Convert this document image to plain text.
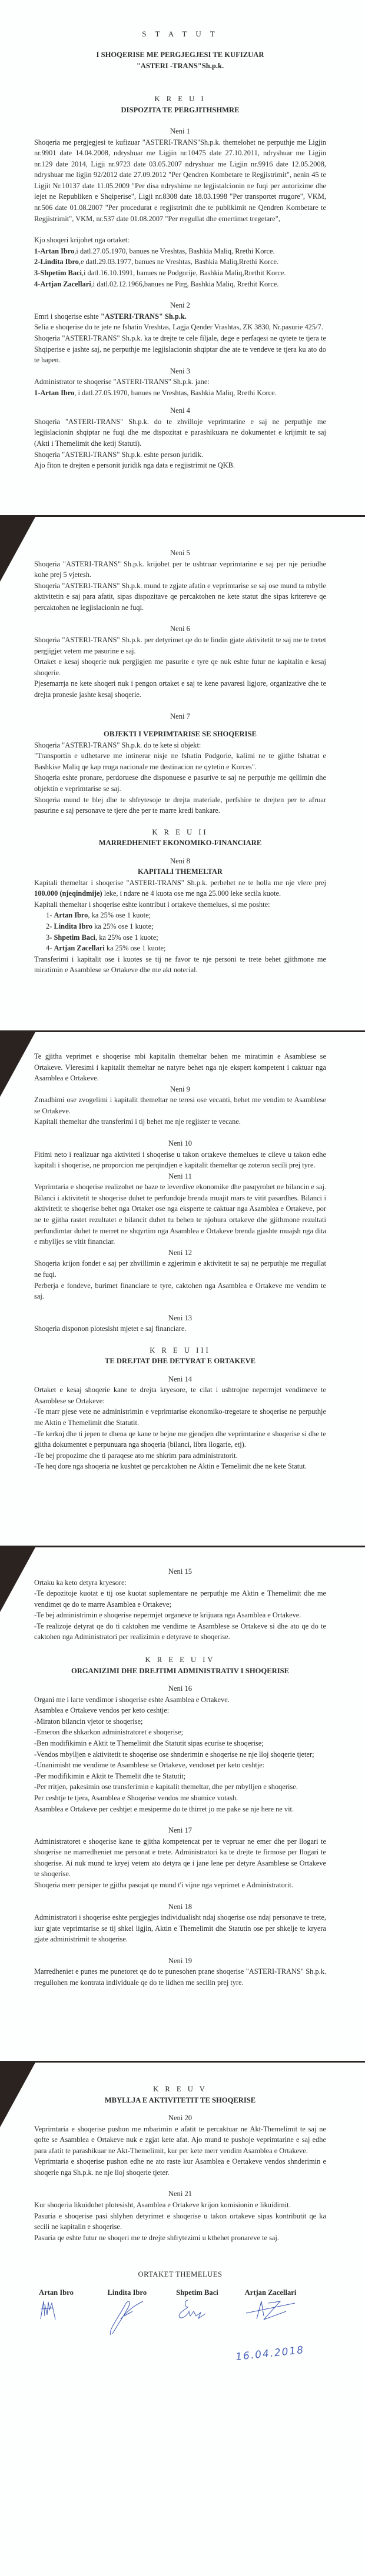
S T A T U T
I SHOQERISE ME PERGJEGJESI TE KUFIZUAR
"ASTERI -TRANS"Sh.p.k.
K R E U I
DISPOZITA TE PERGJITHSHMRE
Neni 1

Shoqeria me pergjegjesi te kufizuar "ASTERI-TRANS"Sh.p.k. themelohet ne perputhje me Ligjin nr.9901 date 14.04.2008, ndryshuar me Ligjin nr.10475 date 27.10.2011, ndryshuar me Ligjin nr.129 date 2014, Ligji nr.9723 date 03.05.2007 ndryshuar me Ligjin nr.9916 date 12.05.2008, ndryshuar me ligjin 92/2012 date 27.09.2012 "Per Qendren Kombetare te Regjistrimit", nenin 45 te Ligjit Nr.10137 date 11.05.2009 "Per disa ndryshime ne legjistalcionin ne fuqi per autorizime dhe lejet ne Republiken e Shqiperise", Ligji nr.8308 date 18.03.1998 "Per transportet rrugore", VKM, nr.506 date 01.08.2007 "Per procedurat e regjistrimit dhe te publikimit ne Qendren Kombetare te Regjistrimit", VKM, nr.537 date 01.08.2007 "Per rregullat dhe emertimet tregetare",

Kjo shoqeri krijohet nga ortaket:

1-Artan Ibro,i datl.27.05.1970, banues ne Vreshtas, Bashkia Maliq, Rrethi Korce.

2-Lindita Ibro,e datl.29.03.1977, banues ne Vreshtas, Bashkia Maliq,Rrethi Korce.

3-Shpetim Baci,i datl.16.10.1991, banues ne Podgorije, Bashkia Maliq,Rrethit Korce.

4-Artjan Zacellari,i datl.02.12.1966,banues ne Pirg, Bashkia Maliq, Rrethit Korce.

Neni 2

Emri i shoqerise eshte "ASTERI-TRANS" Sh.p.k.

Selia e shoqerise do te jete ne fshatin Vreshtas, Lagja Qender Vrashtas, ZK 3830, Nr.pasurie 425/7.

Shoqeria "ASTERI-TRANS" Sh.p.k. ka te drejte te cele filjale, dege e perfaqesi ne qytete te tjera te Shqiperise e jashte saj, ne perputhje me legjislacionin shqiptar dhe ate te vendeve te tjera ku ato do te hapen.

Neni 3

Administrator te shoqerise "ASTERI-TRANS" Sh.p.k. jane:

1-Artan Ibro, i datl.27.05.1970, banues ne Vreshtas, Bashkia Maliq, Rrethi Korce.

Neni 4

Shoqeria "ASTERI-TRANS" Sh.p.k. do te zhvilloje veprimtarine e saj ne perputhje me legjislacionin shqiptar ne fuqi dhe me dispozitat e parashikuara ne dokumentet e krijimit te saj (Akti i Themelimit dhe ketij Statuti).

Shoqeria "ASTERI-TRANS" Sh.p.k. eshte person juridik.

Ajo fiton te drejten e personit juridik nga data e regjistrimit ne QKB.

Neni 5

Shoqeria "ASTERI-TRANS" Sh.p.k. krijohet per te ushtruar veprimtarine e saj per nje periudhe kohe prej 5 vjetesh.

Shoqeria "ASTERI-TRANS" Sh.p.k. mund te zgjate afatin e veprimtarise se saj ose mund ta mbylle aktivitetin e saj para afatit, sipas dispozitave qe percaktohen ne kete statut dhe sipas kritereve qe percaktohen ne legjislacionin ne fuqi.

Neni 6

Shoqeria "ASTERI-TRANS" Sh.p.k. per detyrimet qe do te lindin gjate aktivitetit te saj me te tretet pergjigjet vetem me pasurine e saj.

Ortaket e kesaj shoqerie nuk pergjigjen me pasurite e tyre qe nuk eshte futur ne kapitalin e kesaj shoqerie.

Pjesemarrja ne kete shoqeri nuk i pengon ortaket e saj te kene pavaresi ligjore, organizative dhe te drejta pronesie jashte kesaj shoqerie.

Neni 7
OBJEKTI I VEPRIMTARISE SE SHOQERISE

Shoqeria "ASTERI-TRANS" Sh.p.k. do te kete si objekt:

"Transportin e udhetarve me intinerar nisje ne fshatin Podgorie, kalimi ne te gjithe fshatrat e Bashkise Maliq qe kap rruga nacionale me destinacion ne qytetin e Korces".

Shoqeria eshte pronare, perdoruese dhe disponuese e pasurive te saj ne perputhje me qellimin dhe objektin e veprimtarise se saj.

Shoqeria mund te blej dhe te shfrytesoje te drejta materiale, perfshire te drejten per te afruar pasurine e saj personave te tjere dhe per te marre kredi bankare.

K R E U II
MARREDHENIET EKONOMIKO-FINANCIARE
Neni 8
KAPITALI THEMELTAR

Kapitali themeltar i shoqerise "ASTERI-TRANS" Sh.p.k. perbehet ne te holla me nje vlere prej 100.000 (njeqindmije) leke, i ndare ne 4 kuota ose me nga 25.000 leke secila kuote.

Kapitali themeltar i shoqerise eshte kontribut i ortakeve themelues, si me poshte:

1- Artan Ibro, ka 25% ose 1 kuote;

2- Lindita Ibro ka 25% ose 1 kuote;

3- Shpetim Baci, ka 25% ose 1 kuote;

4- Artjan Zacellari ka 25% ose 1 kuote;

Transferimi i kapitalit ose i kuotes se tij ne favor te nje personi te trete behet gjithmone me miratimin e Asamblese se Ortakeve dhe me akt noterial.

Te gjitha veprimet e shoqerise mbi kapitalin themeltar behen me miratimin e Asamblese se Ortakeve. Vleresimi i kapitalit themeltar ne natyre behet nga nje ekspert kompetent i caktuar nga Asamblea e Ortakeve.

Neni 9

Zmadhimi ose zvogelimi i kapitalit themeltar ne teresi ose vecanti, behet me vendim te Asamblese se Ortakeve.

Kapitali themeltar dhe transferimi i tij behet me nje regjister te vecane.

Neni 10

Fitimi neto i realizuar nga aktiviteti i shoqerise u takon ortakeve themelues te cileve u takon edhe kapitali i shoqerise, ne proporcion me perqindjen e kapitalit themeltar qe zoteron secili prej tyre.

Neni 11

Veprimtaria e shoqerise realizohet ne baze te leverdive ekonomike dhe pasqyrohet ne bilancin e saj. Bilanci i aktivitetit te shoqerise duhet te perfundoje brenda muajit mars te vitit pasardhes. Bilanci i aktivitetit te shoqerise behet nga Ortaket ose nga eksperte te caktuar nga Asamblea e Ortakeve, por ne te gjitha rastet rezultatet e bilancit duhet tu behen te njohura ortakeve dhe gjithmone rezultati perfundimtar duhet te merret ne shqyrtim nga Asamblea e Ortakeve brenda gjashte muajsh nga dita e mbylljes se vitit financiar.

Neni 12

Shoqeria krijon fondet e saj per zhvillimin e zgjerimin e aktivitetit te saj ne perputhje me rregullat ne fuqi.

Perberja e fondeve, burimet financiare te tyre, caktohen nga Asamblea e Ortakeve me vendim te saj.

Neni 13

Shoqeria disponon plotesisht mjetet e saj financiare.

K R E U III
TE DREJTAT DHE DETYRAT E ORTAKEVE
Neni 14

Ortaket e kesaj shoqerie kane te drejta kryesore, te cilat i ushtrojne nepermjet vendimeve te Asamblese se Ortakeve:

-Te marr pjese vete ne administrimin e veprimtarise ekonomiko-tregetare te shoqerise ne perputhje me Aktin e Themelimit dhe Statutit.

-Te kerkoj dhe ti jepen te dhena qe kane te bejne me gjendjen dhe veprimtarine e shoqerise si dhe te gjitha dokumentet e perpunuara nga shoqeria (bilanci, libra llogarie, etj).

-Te bej propozime dhe ti paraqese ato me shkrim para administratorit.

-Te heq dore nga shoqeria ne kushtet qe percaktohen ne Aktin e Temelimit dhe ne kete Statut.

Neni 15

Ortaku ka keto detyra kryesore:

-Te depozitoje kuotat e tij ose kuotat suplementare ne perputhje me Aktin e Themelimit dhe me vendimet qe do te marre Asamblea e Ortakeve;

-Te bej administrimin e shoqerise nepermjet organeve te krijuara nga Asamblea e Ortakeve.

-Te realizoje detyrat qe do ti caktohen me vendime te Asamblese se Ortakeve si dhe ato qe do te caktohen nga Administratori per realizimin e detyrave te shoqerise.

K R E E U IV
ORGANIZIMI DHE DREJTIMI ADMINISTRATIV I SHOQERISE
Neni 16

Organi me i larte vendimor i shoqerise eshte Asamblea e Ortakeve.

Asamblea e Ortakeve vendos per keto ceshtje:

-Miraton bilancin vjetor te shoqerise;

-Emeron dhe shkarkon administratoret e shoqerise;

-Ben modifikimin e Aktit te Themelimit dhe Statutit sipas ecurise te shoqerise;

-Vendos mbylljen e aktivitetit te shoqerise ose shnderimin e shoqerise ne nje lloj shoqerie tjeter;

-Unanimisht me vendime te Asamblese se Ortakeve, vendoset per keto ceshtje:

-Per modifikimin e Aktit te Themelit dhe te Statutit;

-Per rritjen, pakesimin ose transferimin e kapitalit themeltar, dhe per mbylljen e shoqerise.

Per ceshtje te tjera, Asamblea e Shoqerise vendos me shumice votash.

Asamblea e Ortakeve per ceshtjet e mesiperme do te thirret jo me pake se nje here ne vit.

Neni 17

Administratoret e shoqerise kane te gjitha kompetencat per te vepruar ne emer dhe per llogari te shoqerise ne marredheniet me personat e trete. Administratori ka te drejte te firmose per llogari te shoqerise. Ai nuk mund te kryej vetem ato detyra qe i jane lene per detyre Asamblese se Ortakeve te shoqerise.

Shoqeria merr persiper te gjitha pasojat qe mund t'i vijne nga veprimet e Administratorit.

Neni 18

Administratori i shoqerise eshte pergjegjes individualisht ndaj shoqerise ose ndaj personave te trete, kur gjate veprimtarise se tij shkel ligjin, Aktin e Themelimit dhe Statutin ose per shkelje te kryera gjate administrimit te shoqerise.

Neni 19

Marredheniet e punes me punetoret qe do te punesohen prane shoqerise "ASTERI-TRANS" Sh.p.k. rregullohen me kontrata individuale qe do te lidhen me secilin prej tyre.

K R E U V
MBYLLJA E AKTIVITETIT TE SHOQERISE
Neni 20

Veprimtaria e shoqerise pushon me mbarimin e afatit te percaktuar ne Akt-Themelimit te saj ne qofte se Asamblea e Ortakeve nuk e zgjat kete afat. Ajo mund te pushoje veprimtarine e saj edhe para afatit te parashikuar ne Akt-Themelimit, kur per kete merr vendim Asamblea e Ortakeve.

Veprimtaria e shoqerise pushon edhe ne ato raste kur Asamblea e Oertakeve vendos shnderimin e shoqerie nga Sh.p.k. ne nje lloj shoqerie tjeter.

Neni 21

Kur shoqeria likuidohet plotesisht, Asamblea e Ortakeve krijon komisionin e likuidimit.

Pasuria e shoqerise pasi shlyhen detyrimet e shoqerise u takon ortakeve sipas kontributit qe ka secili ne kapitalin e shoqerise.

Pasuria qe eshte futur ne shoqeri me te drejte shfrytezimi u kthehet pronareve te saj.

ORTAKET THEMELUES
Artan Ibro	Lindita Ibro	Shpetim Baci	Artjan Zacellari
16.04.2018
